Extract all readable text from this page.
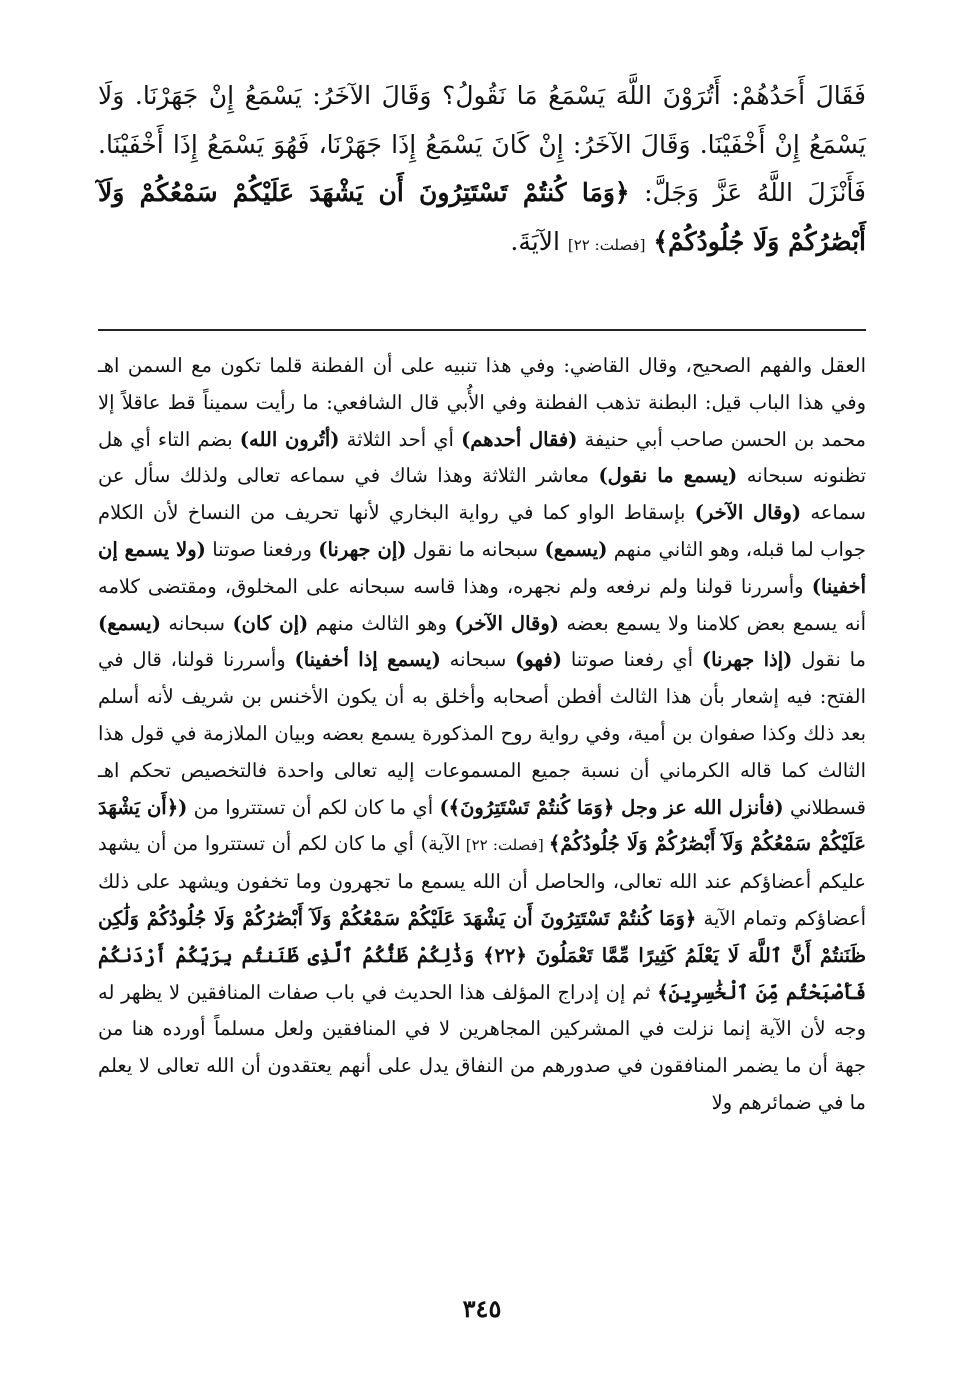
فَقَالَ أَحَدُهُمْ: أَتُرَوْنَ اللَّهَ يَسْمَعُ مَا نَقُولُ؟ وَقَالَ الآخَرُ: يَسْمَعُ إِنْ جَهَرْنَا. وَلَا يَسْمَعُ إِنْ أَخْفَيْنَا. وَقَالَ الآخَرُ: إِنْ كَانَ يَسْمَعُ إِذَا جَهَرْنَا، فَهُوَ يَسْمَعُ إِذَا أَخْفَيْنَا. فَأَنْزَلَ اللَّهُ عَزَّ وَجَلَّ: ﴿وَمَا كُنتُمْ تَسْتَتِرُونَ أَن يَشْهَدَ عَلَيْكُمْ سَمْعُكُمْ وَلَآ أَبْصَٰرُكُمْ وَلَا جُلُودُكُمْ﴾ [فصلت: ٢٢] الآيَةَ.

العقل والفهم الصحيح، وقال القاضي: وفي هذا تنبيه على أن الفطنة قلما تكون مع السمن اهـ وفي هذا الباب قيل: البطنة تذهب الفطنة وفي الأُبي قال الشافعي: ما رأيت سميناً قط عاقلاً إلا محمد بن الحسن صاحب أبي حنيفة (فقال أحدهم) أي أحد الثلاثة (أتُرون الله) بضم التاء أي هل تظنونه سبحانه (يسمع ما نقول) معاشر الثلاثة وهذا شاك في سماعه تعالى ولذلك سأل عن سماعه (وقال الآخر) بإسقاط الواو كما في رواية البخاري لأنها تحريف من النساخ لأن الكلام جواب لما قبله، وهو الثاني منهم (يسمع) سبحانه ما نقول (إن جهرنا) ورفعنا صوتنا (ولا يسمع إن أخفينا) وأسررنا قولنا ولم نرفعه ولم نجهره، وهذا قاسه سبحانه على المخلوق، ومقتضى كلامه أنه يسمع بعض كلامنا ولا يسمع بعضه (وقال الآخر) وهو الثالث منهم (إن كان) سبحانه (يسمع) ما نقول (إذا جهرنا) أي رفعنا صوتنا (فهو) سبحانه (يسمع إذا أخفينا) وأسررنا قولنا، قال في الفتح: فيه إشعار بأن هذا الثالث أفطن أصحابه وأخلق به أن يكون الأخنس بن شريف لأنه أسلم بعد ذلك وكذا صفوان بن أمية، وفي رواية روح المذكورة يسمع بعضه وبيان الملازمة في قول هذا الثالث كما قاله الكرماني أن نسبة جميع المسموعات إليه تعالى واحدة فالتخصيص تحكم اهـ قسطلاني (فأنزل الله عز وجل ﴿وَمَا كُنتُمْ تَسْتَتِرُونَ﴾) أي ما كان لكم أن تستتروا من (﴿أَن يَشْهَدَ عَلَيْكُمْ سَمْعُكُمْ وَلَآ أَبْصَٰرُكُمْ وَلَا جُلُودُكُمْ﴾ [فصلت: ٢٢] الآية) أي ما كان لكم أن تستتروا من أن يشهد عليكم أعضاؤكم عند الله تعالى، والحاصل أن الله يسمع ما تجهرون وما تخفون ويشهد على ذلك أعضاؤكم وتمام الآية ﴿وَمَا كُنتُمْ تَسْتَتِرُونَ أَن يَشْهَدَ عَلَيْكُمْ سَمْعُكُمْ وَلَآ أَبْصَٰرُكُمْ وَلَا جُلُودُكُمْ وَلَٰكِن ظَنَنتُمْ أَنَّ ٱللَّهَ لَا يَعْلَمُ كَثِيرًا مِّمَّا تَعْمَلُونَ ﴿٢٢﴾ وَذَٰلِكُمْ ظَنُّكُمُ ٱلَّذِى ظَنَنتُم بِرَبِّكُمْ أَرْدَىٰكُمْ فَأَصْبَحْتُم مِّنَ ٱلْخَٰسِرِينَ﴾ ثم إن إدراج المؤلف هذا الحديث في باب صفات المنافقين لا يظهر له وجه لأن الآية إنما نزلت في المشركين المجاهرين لا في المنافقين ولعل مسلماً أورده هنا من جهة أن ما يضمر المنافقون في صدورهم من النفاق يدل على أنهم يعتقدون أن الله تعالى لا يعلم ما في ضمائرهم ولا

٣٤٥
